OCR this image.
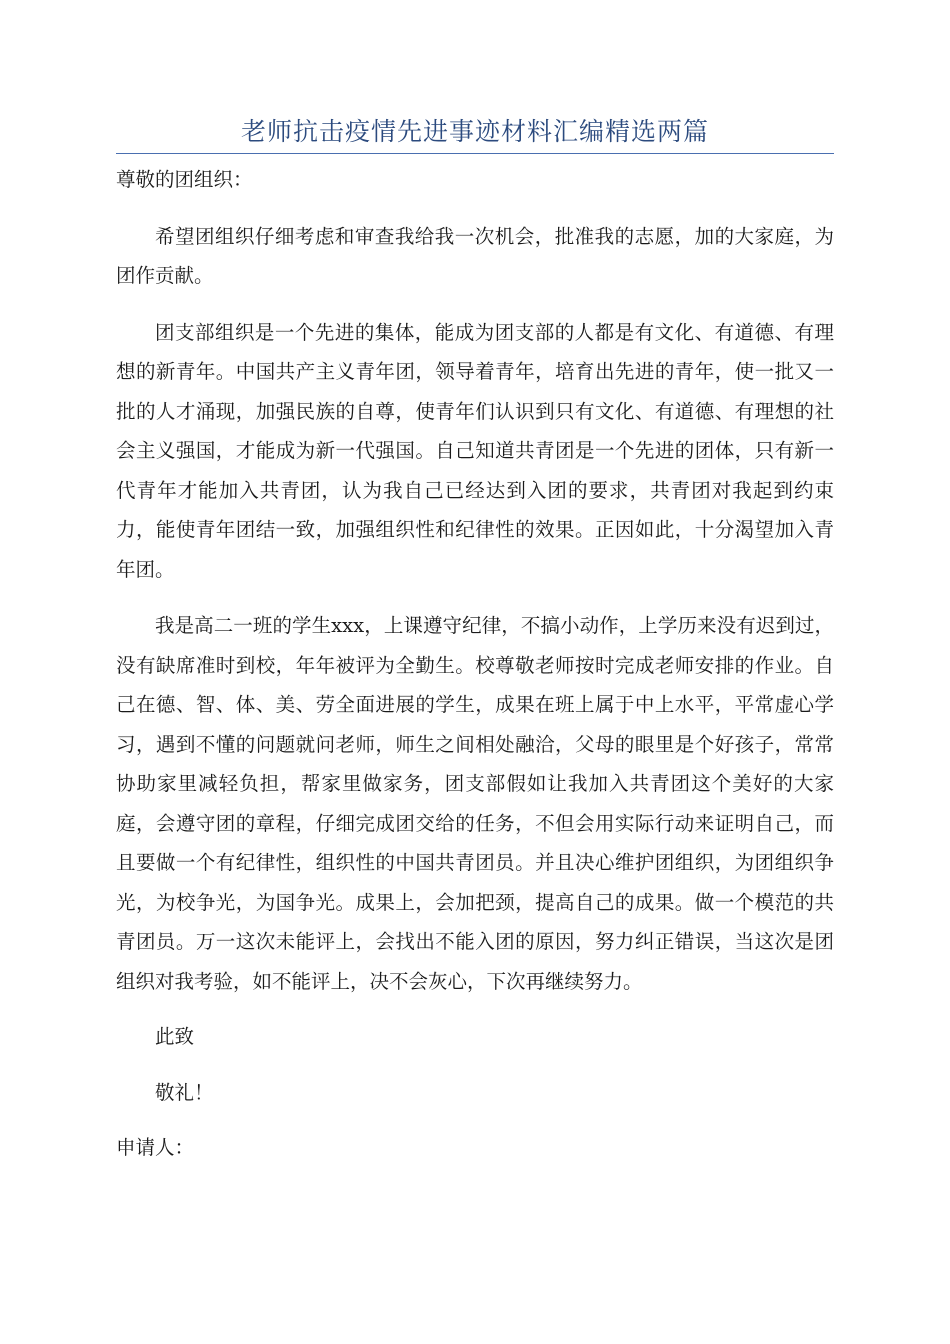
老师抗击疫情先进事迹材料汇编精选两篇

尊敬的团组织：

希望团组织仔细考虑和审查我给我一次机会，批准我的志愿，加的大家庭，为团作贡献。

团支部组织是一个先进的集体，能成为团支部的人都是有文化、有道德、有理想的新青年。中国共产主义青年团，领导着青年，培育出先进的青年，使一批又一批的人才涌现，加强民族的自尊，使青年们认识到只有文化、有道德、有理想的社会主义强国，才能成为新一代强国。自己知道共青团是一个先进的团体，只有新一代青年才能加入共青团，认为我自己已经达到入团的要求，共青团对我起到约束力，能使青年团结一致，加强组织性和纪律性的效果。正因如此，十分渴望加入青年团。

我是高二一班的学生xxx，上课遵守纪律，不搞小动作，上学历来没有迟到过，没有缺席准时到校，年年被评为全勤生。校尊敬老师按时完成老师安排的作业。自己在德、智、体、美、劳全面进展的学生，成果在班上属于中上水平，平常虚心学习，遇到不懂的问题就问老师，师生之间相处融洽，父母的眼里是个好孩子，常常协助家里减轻负担，帮家里做家务，团支部假如让我加入共青团这个美好的大家庭，会遵守团的章程，仔细完成团交给的任务，不但会用实际行动来证明自己，而且要做一个有纪律性，组织性的中国共青团员。并且决心维护团组织，为团组织争光，为校争光，为国争光。成果上，会加把颈，提高自己的成果。做一个模范的共青团员。万一这次未能评上，会找出不能入团的原因，努力纠正错误，当这次是团组织对我考验，如不能评上，决不会灰心，下次再继续努力。

此致

敬礼！

申请人：
